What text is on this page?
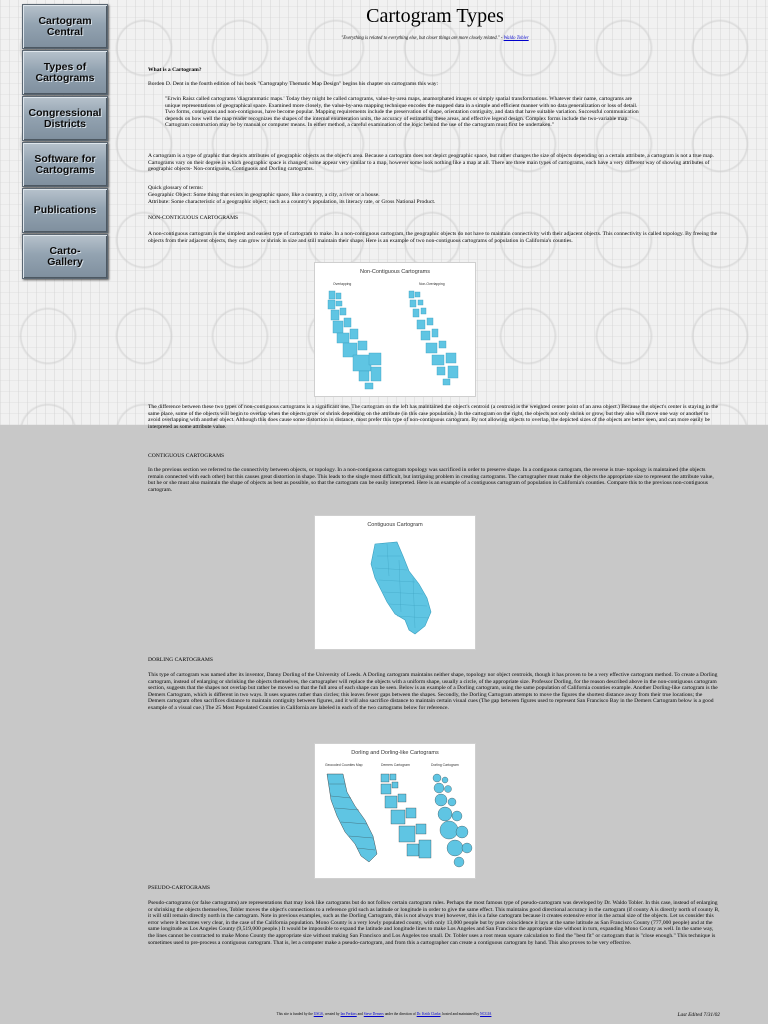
Cartogram
Central
Types of
Cartograms
Congressional
Districts
Software for
Cartograms
Publications
Carto-
Gallery
Cartogram Types
"Everything is related to everything else, but closer things are more closely related." - Waldo Tobler
What is a Cartogram?
Borden D. Dent in the fourth edition of his book "Cartography Thematic Map Design" begins his chapter on cartograms this way:
"Erwin Raisz called cartograms 'diagrammatic maps.' Today they might be called cartograms, value-by-area maps, anamorphated images or simply spatial transformations. Whatever their name, cartograms are unique representations of geographical space. Examined more closely, the value-by-area mapping technique encodes the mapped data in a simple and efficient manner with no data generalization or loss of detail. Two forms, contiguous and non-contiguous, have become popular. Mapping requirements include the preservation of shape, orientation contiguity, and data that have suitable variation. Successful communication depends on how well the map reader recognizes the shapes of the internal enumeration units, the accuracy of estimating these areas, and effective legend design. Complex forms include the two-variable map. Cartogram construction may be by manual or computer means. In either method, a careful examination of the logic behind the use of the cartogram must first be undertaken."
A cartogram is a type of graphic that depicts attributes of geographic objects as the object's area. Because a cartogram does not depict geographic space, but rather changes the size of objects depending on a certain attribute, a cartogram is not a true map. Cartograms vary on their degree in which geographic space is changed; some appear very similar to a map, however some look nothing like a map at all. There are three main types of cartograms, each have a very different way of showing attributes of geographic objects- Non-contiguous, Contiguous and Dorling cartograms.
Quick glossary of terms:
Geographic Object: Some thing that exists in geographic space, like a country, a city, a river or a house.
Attribute: Some characteristic of a geographic object; such as a country's population, its literacy rate, or Gross National Product.
NON-CONTIGUOUS CARTOGRAMS
A non-contiguous cartogram is the simplest and easiest type of cartogram to make. In a non-contiguous cartogram, the geographic objects do not have to maintain connectivity with their adjacent objects. This connectivity is called topology. By freeing the objects from their adjacent objects, they can grow or shrink in size and still maintain their shape. Here is an example of two non-contiguous cartograms of population in California's counties.
Non-Contiguous Cartograms
Overlapping	Non-Overlapping
The difference between these two types of non-contiguous cartograms is a significant one. The cartogram on the left has maintained the object's centroid (a centroid is the weighted center point of an area object.) Because the object's center is staying in the same place, some of the objects will begin to overlap when the objects grow or shrink depending on the attribute (in this case population.) In the cartogram on the right, the objects not only shrink or grow, but they also will move one way or another to avoid overlapping with another object. Although this does cause some distortion in distance, most prefer this type of non-contiguous cartogram. By not allowing objects to overlap, the depicted sizes of the objects are better seen, and can more easily be interpreted as some attribute value.
CONTIGUOUS CARTOGRAMS
In the previous section we referred to the connectivity between objects, or topology. In a non-contiguous cartogram topology was sacrificed in order to preserve shape. In a contiguous cartogram, the reverse is true- topology is maintained (the objects remain connected with each other) but this causes great distortion in shape. This leads to the single most difficult, but intriguing problem in creating cartograms. The cartographer must make the objects the appropriate size to represent the attribute value, but he or she must also maintain the shape of objects as best as possible, so that the cartogram can be easily interpreted. Here is an example of a contiguous cartogram of population in California's counties. Compare this to the previous non-contiguous cartogram.
Contiguous Cartogram
DORLING CARTOGRAMS
This type of cartogram was named after its inventor, Danny Dorling of the University of Leeds. A Dorling cartogram maintains neither shape, topology nor object centroids, though it has proven to be a very effective cartogram method. To create a Dorling cartogram, instead of enlarging or shrinking the objects themselves, the cartographer will replace the objects with a uniform shape, usually a circle, of the appropriate size. Professor Dorling, for the reason described above in the non-contiguous cartogram section, suggests that the shapes not overlap but rather be moved so that the full area of each shape can be seen. Below is an example of a Dorling cartogram, using the same population of California counties example. Another Dorling-like cartogram is the Demers Cartogram, which is different in two ways. It uses squares rather than circles; this leaves fewer gaps between the shapes. Secondly, the Dorling Cartogram attempts to move the figures the shortest distance away from their true locations; the Demers cartogram often sacrifices distance to maintain contiguity between figures, and it will also sacrifice distance to maintain certain visual cues (The gap between figures used to represent San Francisco Bay in the Demers Cartogram below is a good example of a visual cue.) The 25 Most Populated Counties in California are labeled in each of the two cartograms below for reference.
Dorling and Dorling-like Cartograms
Geocoded Counties Map	Demers Cartogram	Dorling Cartogram
PSEUDO-CARTOGRAMS
Pseudo-cartograms (or false cartograms) are representations that may look like cartograms but do not follow certain cartogram rules. Perhaps the most famous type of pseudo-cartogram was developed by Dr. Waldo Tobler. In this case, instead of enlarging or shrinking the objects themselves, Tobler moves the object's connections to a reference grid such as latitude or longitude in order to give the same effect. This maintains good directional accuracy in the cartogram (if county A is directly north of county B, it will still remain directly north in the cartogram. Note in previous examples, such as the Dorling Cartogram, this is not always true) however, this is a false cartogram because it creates extensive error in the actual size of the objects. Let us consider this error where it becomes very clear, in the case of the California population. Mono County is a very lowly populated county, with only 13,000 people but by pure coincidence it lays at the same latitude as San Francisco County (777,000 people) and at the same longitude as Los Angeles County (9,519,000 people.) It would be impossible to expand the latitude and longitude lines to make Los Angeles and San Francisco the appropriate size without in turn, expanding Mono County as well. In the same way, the lines cannot be contracted to make Mono County the appropriate size without making San Francisco and Los Angeles too small. Dr. Tobler uses a root mean square calculation to find the "best fit" or cartogram that is "close enough." This technique is sometimes used to pre-process a contiguous cartogram. That is, let a computer make a pseudo-cartogram, and from this a cartographer can create a contiguous cartogram by hand. This also proves to be very effective.
This site is funded by the USGS, created by Ian Perkins and Steve Demers under the direction of Dr. Keith Clarke, hosted and maintained by NCGIA	Last Edited 7/31/02
